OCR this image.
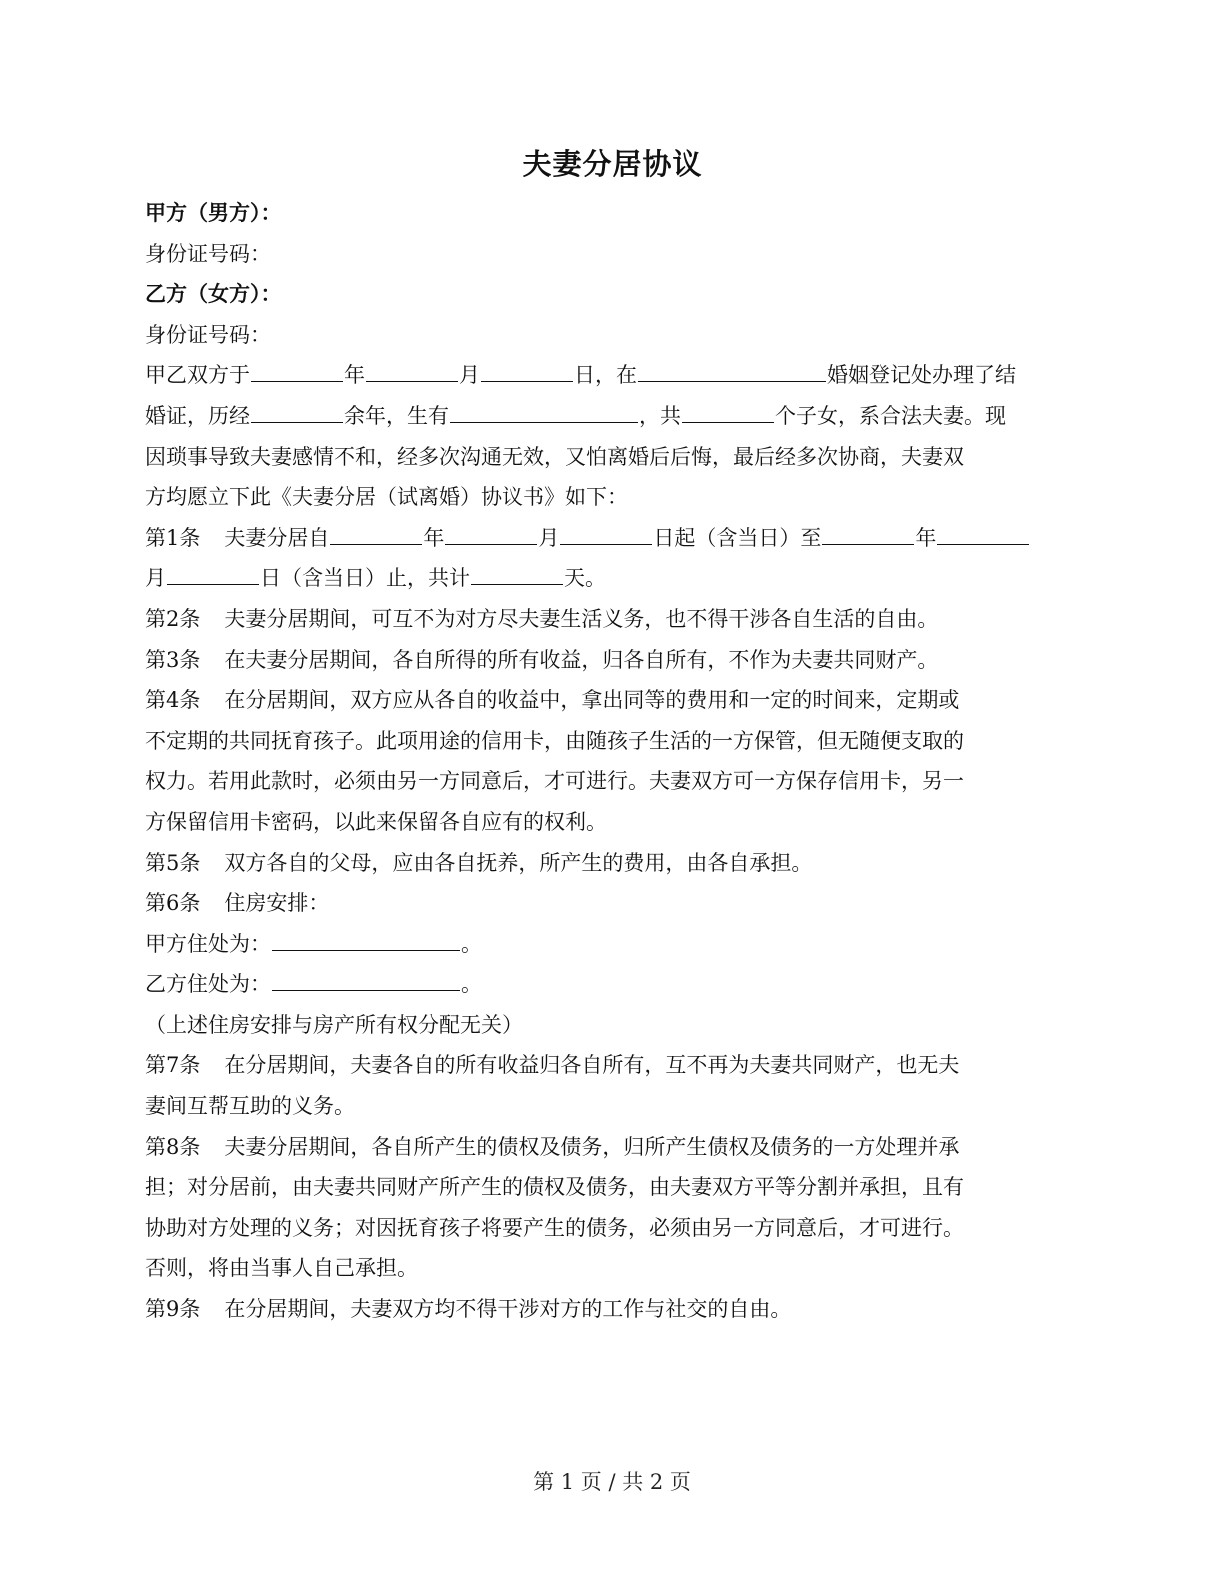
夫妻分居协议
甲方（男方）：
身份证号码：
乙方（女方）：
身份证号码：
甲乙双方于	年	月	日，在	婚姻登记处办理了结
婚证，历经	余年，生有	，共	个子女，系合法夫妻。现
因琐事导致夫妻感情不和，经多次沟通无效，又怕离婚后后悔，最后经多次协商，夫妻双
方均愿立下此《夫妻分居（试离婚）协议书》如下：
第1条 夫妻分居自	年	月	日起（含当日）至	年
月	日（含当日）止，共计	天。
第2条 夫妻分居期间，可互不为对方尽夫妻生活义务，也不得干涉各自生活的自由。
第3条 在夫妻分居期间，各自所得的所有收益，归各自所有，不作为夫妻共同财产。
第4条 在分居期间，双方应从各自的收益中，拿出同等的费用和一定的时间来，定期或
不定期的共同抚育孩子。此项用途的信用卡，由随孩子生活的一方保管，但无随便支取的
权力。若用此款时，必须由另一方同意后，才可进行。夫妻双方可一方保存信用卡，另一
方保留信用卡密码，以此来保留各自应有的权利。
第5条 双方各自的父母，应由各自抚养，所产生的费用，由各自承担。
第6条 住房安排：
甲方住处为：	。
乙方住处为：	。
（上述住房安排与房产所有权分配无关）
第7条 在分居期间，夫妻各自的所有收益归各自所有，互不再为夫妻共同财产，也无夫
妻间互帮互助的义务。
第8条 夫妻分居期间，各自所产生的债权及债务，归所产生债权及债务的一方处理并承
担；对分居前，由夫妻共同财产所产生的债权及债务，由夫妻双方平等分割并承担，且有
协助对方处理的义务；对因抚育孩子将要产生的债务，必须由另一方同意后，才可进行。
否则，将由当事人自己承担。
第9条 在分居期间，夫妻双方均不得干涉对方的工作与社交的自由。
第 1 页 / 共 2 页
